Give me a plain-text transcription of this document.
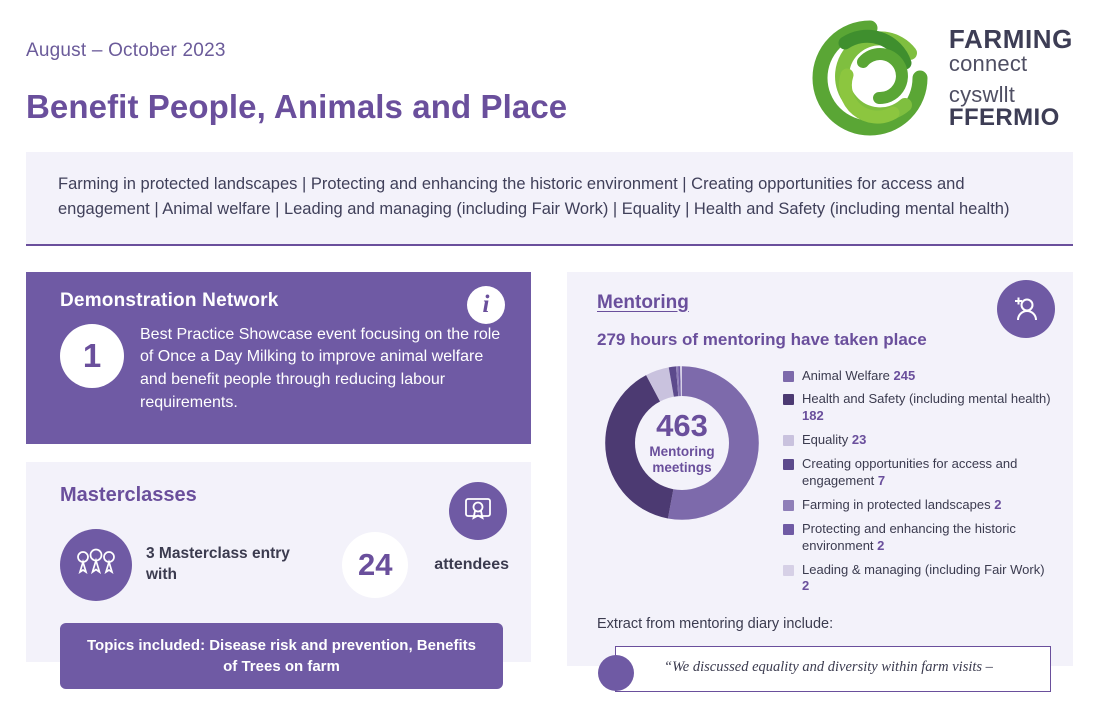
August – October 2023
Benefit People, Animals and Place
FARMING
connect
cyswllt
FFERMIO
Farming in protected landscapes | Protecting and enhancing the historic environment | Creating opportunities for access and engagement | Animal welfare | Leading and managing (including Fair Work) | Equality | Health and Safety (including mental health)
Demonstration Network	i
1
Best Practice Showcase event focusing on the role of Once a Day Milking to improve animal welfare and benefit people through reducing labour requirements.
Masterclasses
3 Masterclass entry with	24	attendees
Topics included: Disease risk and prevention, Benefits of Trees on farm
Mentoring
279 hours of mentoring have taken place
463
Mentoring
meetings
Animal Welfare 245
Health and Safety (including mental health) 182
Equality 23
Creating opportunities for access and engagement 7
Farming in protected landscapes 2
Protecting and enhancing the historic environment 2
Leading & managing (including Fair Work) 2
Extract from mentoring diary include:
“We discussed equality and diversity within farm visits –
